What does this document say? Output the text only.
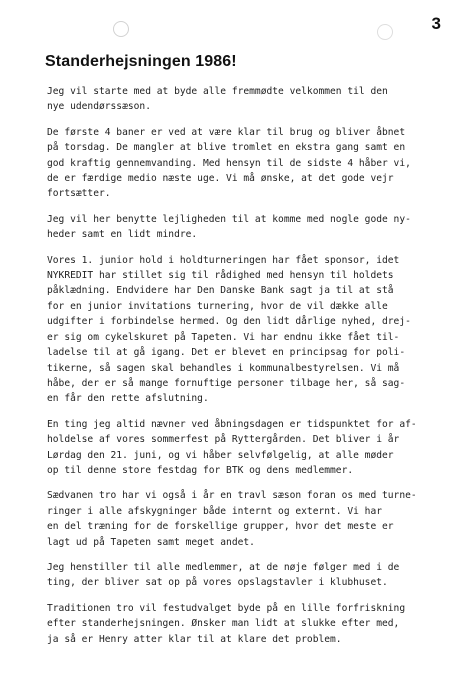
3
Standerhejsningen 1986!

Jeg vil starte med at byde alle fremmødte velkommen til den
nye udendørssæson.

De første 4 baner er ved at være klar til brug og bliver åbnet
på torsdag. De mangler at blive tromlet en ekstra gang samt en
god kraftig gennemvanding. Med hensyn til de sidste 4 håber vi,
de er færdige medio næste uge. Vi må ønske, at det gode vejr
fortsætter.

Jeg vil her benytte lejligheden til at komme med nogle gode ny-
heder samt en lidt mindre.

Vores 1. junior hold i holdturneringen har fået sponsor, idet
NYKREDIT har stillet sig til rådighed med hensyn til holdets
påklædning. Endvidere har Den Danske Bank sagt ja til at stå
for en junior invitations turnering, hvor de vil dække alle
udgifter i forbindelse hermed. Og den lidt dårlige nyhed, drej-
er sig om cykelskuret på Tapeten. Vi har endnu ikke fået til-
ladelse til at gå igang. Det er blevet en principsag for poli-
tikerne, så sagen skal behandles i kommunalbestyrelsen. Vi må
håbe, der er så mange fornuftige personer tilbage her, så sag-
en får den rette afslutning.

En ting jeg altid nævner ved åbningsdagen er tidspunktet for af-
holdelse af vores sommerfest på Ryttergården. Det bliver i år
Lørdag den 21. juni, og vi håber selvfølgelig, at alle møder
op til denne store festdag for BTK og dens medlemmer.

Sædvanen tro har vi også i år en travl sæson foran os med turne-
ringer i alle afskygninger både internt og externt. Vi har
en del træning for de forskellige grupper, hvor det meste er
lagt ud på Tapeten samt meget andet.

Jeg henstiller til alle medlemmer, at de nøje følger med i de
ting, der bliver sat op på vores opslagstavler i klubhuset.

Traditionen tro vil festudvalget byde på en lille forfriskning
efter standerhejsningen. Ønsker man lidt at slukke efter med,
ja så er Henry atter klar til at klare det problem.
